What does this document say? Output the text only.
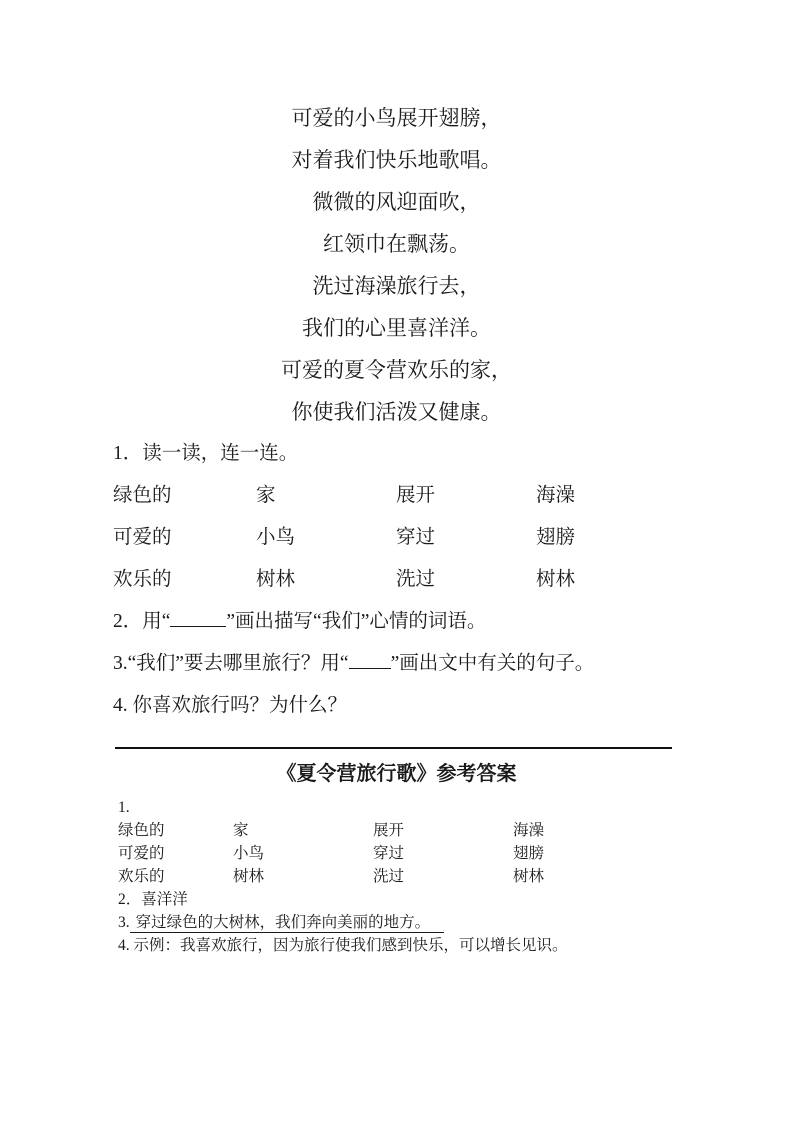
可爱的小鸟展开翅膀，
对着我们快乐地歌唱。
微微的风迎面吹，
红领巾在飘荡。
洗过海澡旅行去，
我们的心里喜洋洋。
可爱的夏令营欢乐的家，
你使我们活泼又健康。
1．读一读，连一连。
绿色的	家	展开	海澡
可爱的	小鸟	穿过	翅膀
欢乐的	树林	洗过	树林
2．用“	”画出描写“我们”心情的词语。
3.“我们”要去哪里旅行？用“ ”画出文中有关的句子。
4. 你喜欢旅行吗？为什么？
《夏令营旅行歌》参考答案
1.
绿色的	家	展开	海澡
可爱的	小鸟	穿过	翅膀
欢乐的	树林	洗过	树林
2．喜洋洋
3. 穿过绿色的大树林，我们奔向美丽的地方。
4. 示例：我喜欢旅行，因为旅行使我们感到快乐，可以增长见识。
